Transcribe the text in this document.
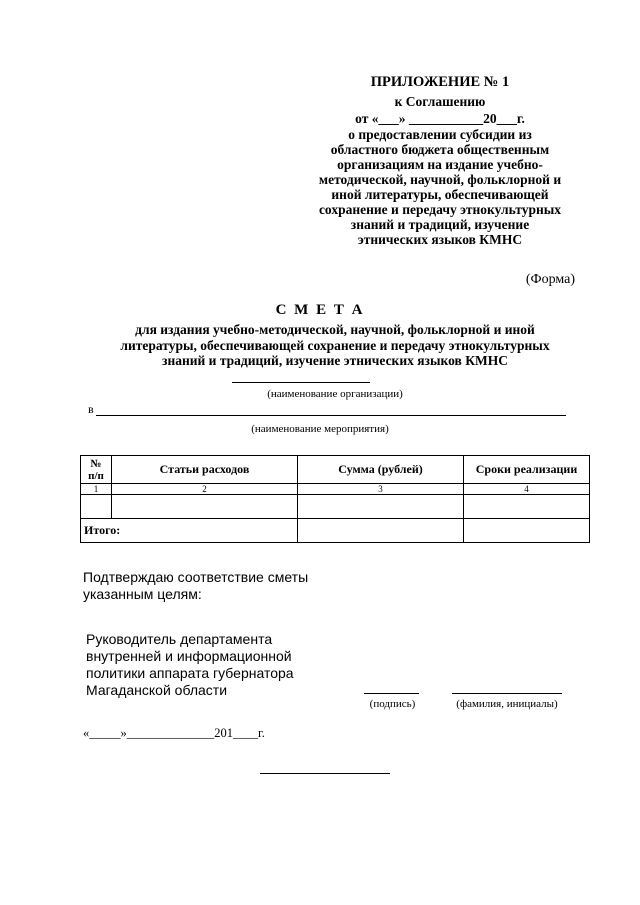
ПРИЛОЖЕНИЕ № 1
к Соглашению
от «___» ___________20___г.
о предоставлении субсидии из
областного бюджета общественным
организациям на издание учебно-
методической, научной, фольклорной и
иной литературы, обеспечивающей
сохранение и передачу этнокультурных
знаний и традиций, изучение
этнических языков КМНС
(Форма)
С М Е Т А
для издания учебно-методической, научной, фольклорной и иной
литературы, обеспечивающей сохранение и передачу этнокультурных
знаний и традиций, изучение этнических языков КМНС
(наименование организации)
в
(наименование мероприятия)
№
п/п	Статьи расходов	Сумма (рублей)	Сроки реализации
1	2	3	4

Итого:			
Подтверждаю соответствие сметы
указанным целям:
Руководитель департамента
внутренней и информационной
политики аппарата губернатора
Магаданской области
(подпись)	(фамилия, инициалы)
«_____»______________201____г.
